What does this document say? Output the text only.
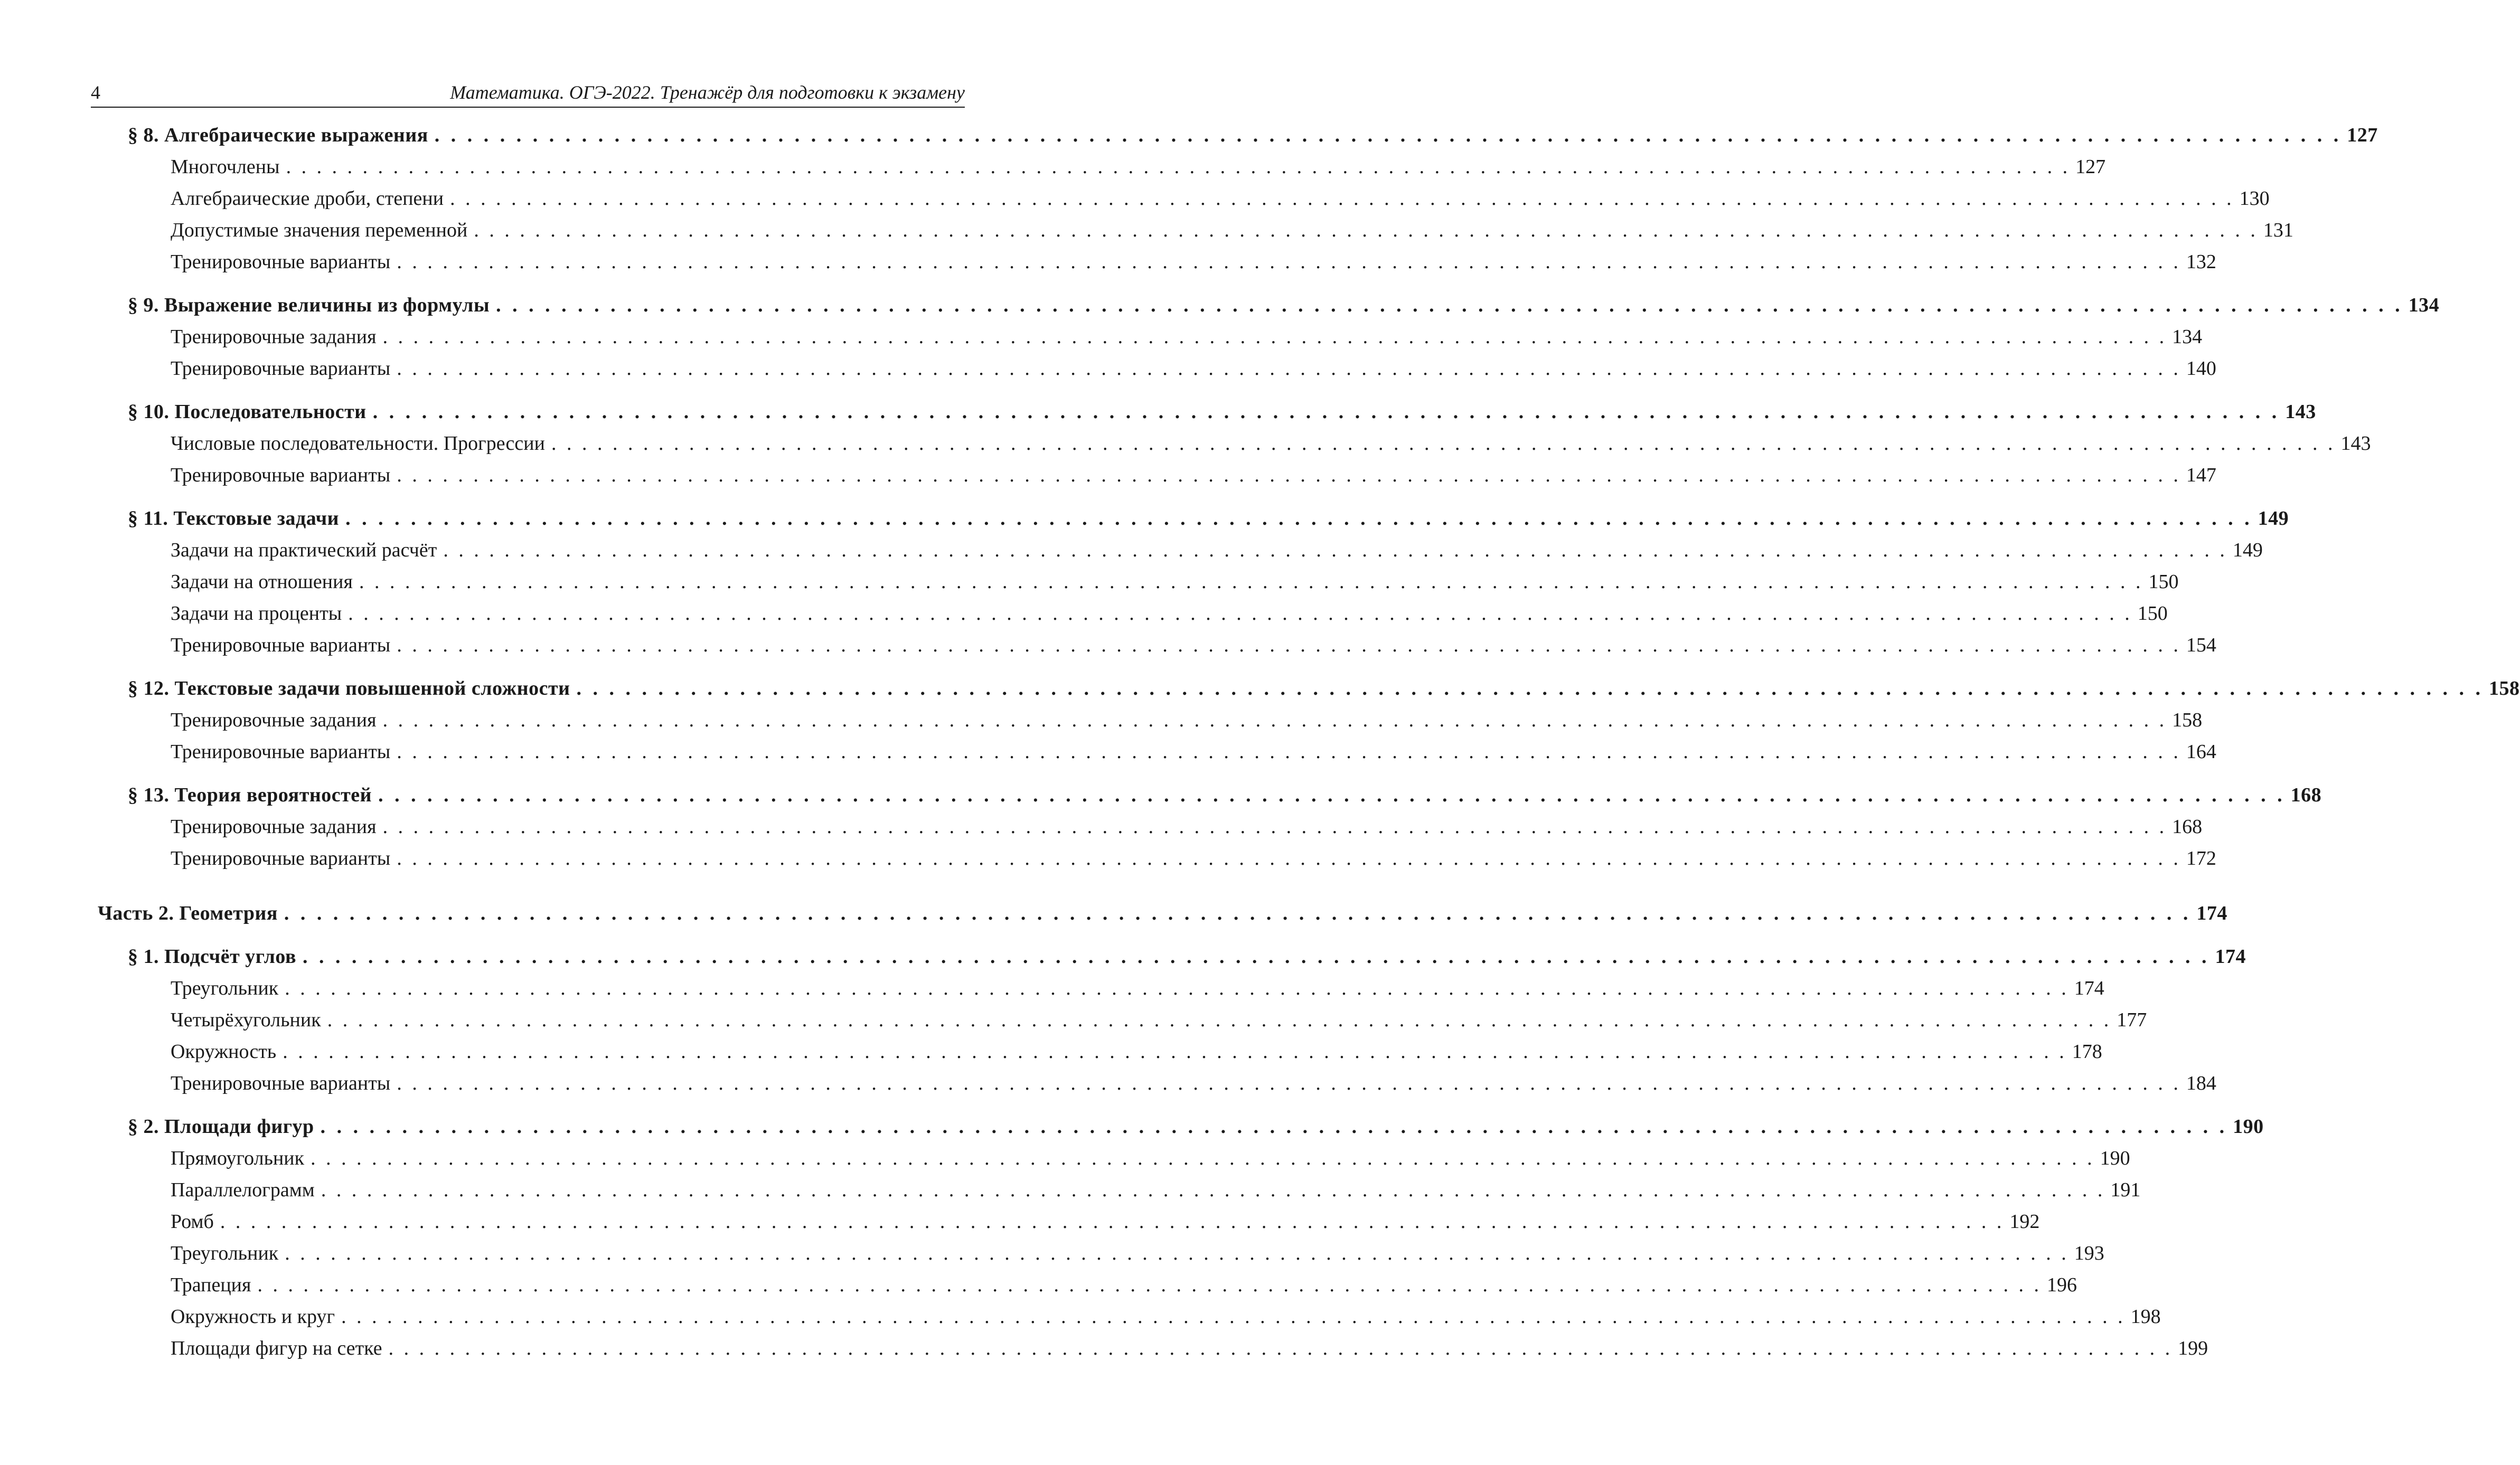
4	Математика. ОГЭ-2022. Тренажёр для подготовки к экзамену
§ 8. Алгебраические выражения . . . . . . . . . . . . . . . . . . . . . . . . . . . . . . . . . . . . . . . . . . . . . . . . . . . . . . . . . . . . . . . . . . . . . . . . . . . . . . . . . . . . . . . . . . . . . . . . . . . . . . . . . . . . . . . . . . . . . 127
Многочлены . . . . . . . . . . . . . . . . . . . . . . . . . . . . . . . . . . . . . . . . . . . . . . . . . . . . . . . . . . . . . . . . . . . . . . . . . . . . . . . . . . . . . . . . . . . . . . . . . . . . . . . . . . . . . . . . . . . . . 127
Алгебраические дроби, степени . . . . . . . . . . . . . . . . . . . . . . . . . . . . . . . . . . . . . . . . . . . . . . . . . . . . . . . . . . . . . . . . . . . . . . . . . . . . . . . . . . . . . . . . . . . . . . . . . . . . . . . . . . . . . . . . . . . . . 130
Допустимые значения переменной . . . . . . . . . . . . . . . . . . . . . . . . . . . . . . . . . . . . . . . . . . . . . . . . . . . . . . . . . . . . . . . . . . . . . . . . . . . . . . . . . . . . . . . . . . . . . . . . . . . . . . . . . . . . . . . . . . . . . 131
Тренировочные варианты . . . . . . . . . . . . . . . . . . . . . . . . . . . . . . . . . . . . . . . . . . . . . . . . . . . . . . . . . . . . . . . . . . . . . . . . . . . . . . . . . . . . . . . . . . . . . . . . . . . . . . . . . . . . . . . . . . . . . 132
§ 9. Выражение величины из формулы . . . . . . . . . . . . . . . . . . . . . . . . . . . . . . . . . . . . . . . . . . . . . . . . . . . . . . . . . . . . . . . . . . . . . . . . . . . . . . . . . . . . . . . . . . . . . . . . . . . . . . . . . . . . . . . . . . . . . 134
Тренировочные задания . . . . . . . . . . . . . . . . . . . . . . . . . . . . . . . . . . . . . . . . . . . . . . . . . . . . . . . . . . . . . . . . . . . . . . . . . . . . . . . . . . . . . . . . . . . . . . . . . . . . . . . . . . . . . . . . . . . . . 134
Тренировочные варианты . . . . . . . . . . . . . . . . . . . . . . . . . . . . . . . . . . . . . . . . . . . . . . . . . . . . . . . . . . . . . . . . . . . . . . . . . . . . . . . . . . . . . . . . . . . . . . . . . . . . . . . . . . . . . . . . . . . . . 140
§ 10. Последовательности . . . . . . . . . . . . . . . . . . . . . . . . . . . . . . . . . . . . . . . . . . . . . . . . . . . . . . . . . . . . . . . . . . . . . . . . . . . . . . . . . . . . . . . . . . . . . . . . . . . . . . . . . . . . . . . . . . . . . 143
Числовые последовательности. Прогрессии . . . . . . . . . . . . . . . . . . . . . . . . . . . . . . . . . . . . . . . . . . . . . . . . . . . . . . . . . . . . . . . . . . . . . . . . . . . . . . . . . . . . . . . . . . . . . . . . . . . . . . . . . . . . . . . . . . . . . 143
Тренировочные варианты . . . . . . . . . . . . . . . . . . . . . . . . . . . . . . . . . . . . . . . . . . . . . . . . . . . . . . . . . . . . . . . . . . . . . . . . . . . . . . . . . . . . . . . . . . . . . . . . . . . . . . . . . . . . . . . . . . . . . 147
§ 11. Текстовые задачи . . . . . . . . . . . . . . . . . . . . . . . . . . . . . . . . . . . . . . . . . . . . . . . . . . . . . . . . . . . . . . . . . . . . . . . . . . . . . . . . . . . . . . . . . . . . . . . . . . . . . . . . . . . . . . . . . . . . . 149
Задачи на практический расчёт . . . . . . . . . . . . . . . . . . . . . . . . . . . . . . . . . . . . . . . . . . . . . . . . . . . . . . . . . . . . . . . . . . . . . . . . . . . . . . . . . . . . . . . . . . . . . . . . . . . . . . . . . . . . . . . . . . . . . 149
Задачи на отношения . . . . . . . . . . . . . . . . . . . . . . . . . . . . . . . . . . . . . . . . . . . . . . . . . . . . . . . . . . . . . . . . . . . . . . . . . . . . . . . . . . . . . . . . . . . . . . . . . . . . . . . . . . . . . . . . . . . . . 150
Задачи на проценты . . . . . . . . . . . . . . . . . . . . . . . . . . . . . . . . . . . . . . . . . . . . . . . . . . . . . . . . . . . . . . . . . . . . . . . . . . . . . . . . . . . . . . . . . . . . . . . . . . . . . . . . . . . . . . . . . . . . . 150
Тренировочные варианты . . . . . . . . . . . . . . . . . . . . . . . . . . . . . . . . . . . . . . . . . . . . . . . . . . . . . . . . . . . . . . . . . . . . . . . . . . . . . . . . . . . . . . . . . . . . . . . . . . . . . . . . . . . . . . . . . . . . . 154
§ 12. Текстовые задачи повышенной сложности . . . . . . . . . . . . . . . . . . . . . . . . . . . . . . . . . . . . . . . . . . . . . . . . . . . . . . . . . . . . . . . . . . . . . . . . . . . . . . . . . . . . . . . . . . . . . . . . . . . . . . . . . . . . . . . . . . . . . 158
Тренировочные задания . . . . . . . . . . . . . . . . . . . . . . . . . . . . . . . . . . . . . . . . . . . . . . . . . . . . . . . . . . . . . . . . . . . . . . . . . . . . . . . . . . . . . . . . . . . . . . . . . . . . . . . . . . . . . . . . . . . . . 158
Тренировочные варианты . . . . . . . . . . . . . . . . . . . . . . . . . . . . . . . . . . . . . . . . . . . . . . . . . . . . . . . . . . . . . . . . . . . . . . . . . . . . . . . . . . . . . . . . . . . . . . . . . . . . . . . . . . . . . . . . . . . . . 164
§ 13. Теория вероятностей . . . . . . . . . . . . . . . . . . . . . . . . . . . . . . . . . . . . . . . . . . . . . . . . . . . . . . . . . . . . . . . . . . . . . . . . . . . . . . . . . . . . . . . . . . . . . . . . . . . . . . . . . . . . . . . . . . . . . 168
Тренировочные задания . . . . . . . . . . . . . . . . . . . . . . . . . . . . . . . . . . . . . . . . . . . . . . . . . . . . . . . . . . . . . . . . . . . . . . . . . . . . . . . . . . . . . . . . . . . . . . . . . . . . . . . . . . . . . . . . . . . . . 168
Тренировочные варианты . . . . . . . . . . . . . . . . . . . . . . . . . . . . . . . . . . . . . . . . . . . . . . . . . . . . . . . . . . . . . . . . . . . . . . . . . . . . . . . . . . . . . . . . . . . . . . . . . . . . . . . . . . . . . . . . . . . . . 172
Часть 2. Геометрия . . . . . . . . . . . . . . . . . . . . . . . . . . . . . . . . . . . . . . . . . . . . . . . . . . . . . . . . . . . . . . . . . . . . . . . . . . . . . . . . . . . . . . . . . . . . . . . . . . . . . . . . . . . . . . . . . . . . . 174
§ 1. Подсчёт углов . . . . . . . . . . . . . . . . . . . . . . . . . . . . . . . . . . . . . . . . . . . . . . . . . . . . . . . . . . . . . . . . . . . . . . . . . . . . . . . . . . . . . . . . . . . . . . . . . . . . . . . . . . . . . . . . . . . . . 174
Треугольник . . . . . . . . . . . . . . . . . . . . . . . . . . . . . . . . . . . . . . . . . . . . . . . . . . . . . . . . . . . . . . . . . . . . . . . . . . . . . . . . . . . . . . . . . . . . . . . . . . . . . . . . . . . . . . . . . . . . . 174
Четырёхугольник . . . . . . . . . . . . . . . . . . . . . . . . . . . . . . . . . . . . . . . . . . . . . . . . . . . . . . . . . . . . . . . . . . . . . . . . . . . . . . . . . . . . . . . . . . . . . . . . . . . . . . . . . . . . . . . . . . . . . 177
Окружность . . . . . . . . . . . . . . . . . . . . . . . . . . . . . . . . . . . . . . . . . . . . . . . . . . . . . . . . . . . . . . . . . . . . . . . . . . . . . . . . . . . . . . . . . . . . . . . . . . . . . . . . . . . . . . . . . . . . . 178
Тренировочные варианты . . . . . . . . . . . . . . . . . . . . . . . . . . . . . . . . . . . . . . . . . . . . . . . . . . . . . . . . . . . . . . . . . . . . . . . . . . . . . . . . . . . . . . . . . . . . . . . . . . . . . . . . . . . . . . . . . . . . . 184
§ 2. Площади фигур . . . . . . . . . . . . . . . . . . . . . . . . . . . . . . . . . . . . . . . . . . . . . . . . . . . . . . . . . . . . . . . . . . . . . . . . . . . . . . . . . . . . . . . . . . . . . . . . . . . . . . . . . . . . . . . . . . . . . 190
Прямоугольник . . . . . . . . . . . . . . . . . . . . . . . . . . . . . . . . . . . . . . . . . . . . . . . . . . . . . . . . . . . . . . . . . . . . . . . . . . . . . . . . . . . . . . . . . . . . . . . . . . . . . . . . . . . . . . . . . . . . . 190
Параллелограмм . . . . . . . . . . . . . . . . . . . . . . . . . . . . . . . . . . . . . . . . . . . . . . . . . . . . . . . . . . . . . . . . . . . . . . . . . . . . . . . . . . . . . . . . . . . . . . . . . . . . . . . . . . . . . . . . . . . . . 191
Ромб . . . . . . . . . . . . . . . . . . . . . . . . . . . . . . . . . . . . . . . . . . . . . . . . . . . . . . . . . . . . . . . . . . . . . . . . . . . . . . . . . . . . . . . . . . . . . . . . . . . . . . . . . . . . . . . . . . . . . 192
Треугольник . . . . . . . . . . . . . . . . . . . . . . . . . . . . . . . . . . . . . . . . . . . . . . . . . . . . . . . . . . . . . . . . . . . . . . . . . . . . . . . . . . . . . . . . . . . . . . . . . . . . . . . . . . . . . . . . . . . . . 193
Трапеция . . . . . . . . . . . . . . . . . . . . . . . . . . . . . . . . . . . . . . . . . . . . . . . . . . . . . . . . . . . . . . . . . . . . . . . . . . . . . . . . . . . . . . . . . . . . . . . . . . . . . . . . . . . . . . . . . . . . . 196
Окружность и круг . . . . . . . . . . . . . . . . . . . . . . . . . . . . . . . . . . . . . . . . . . . . . . . . . . . . . . . . . . . . . . . . . . . . . . . . . . . . . . . . . . . . . . . . . . . . . . . . . . . . . . . . . . . . . . . . . . . . . 198
Площади фигур на сетке . . . . . . . . . . . . . . . . . . . . . . . . . . . . . . . . . . . . . . . . . . . . . . . . . . . . . . . . . . . . . . . . . . . . . . . . . . . . . . . . . . . . . . . . . . . . . . . . . . . . . . . . . . . . . . . . . . . . . 199
